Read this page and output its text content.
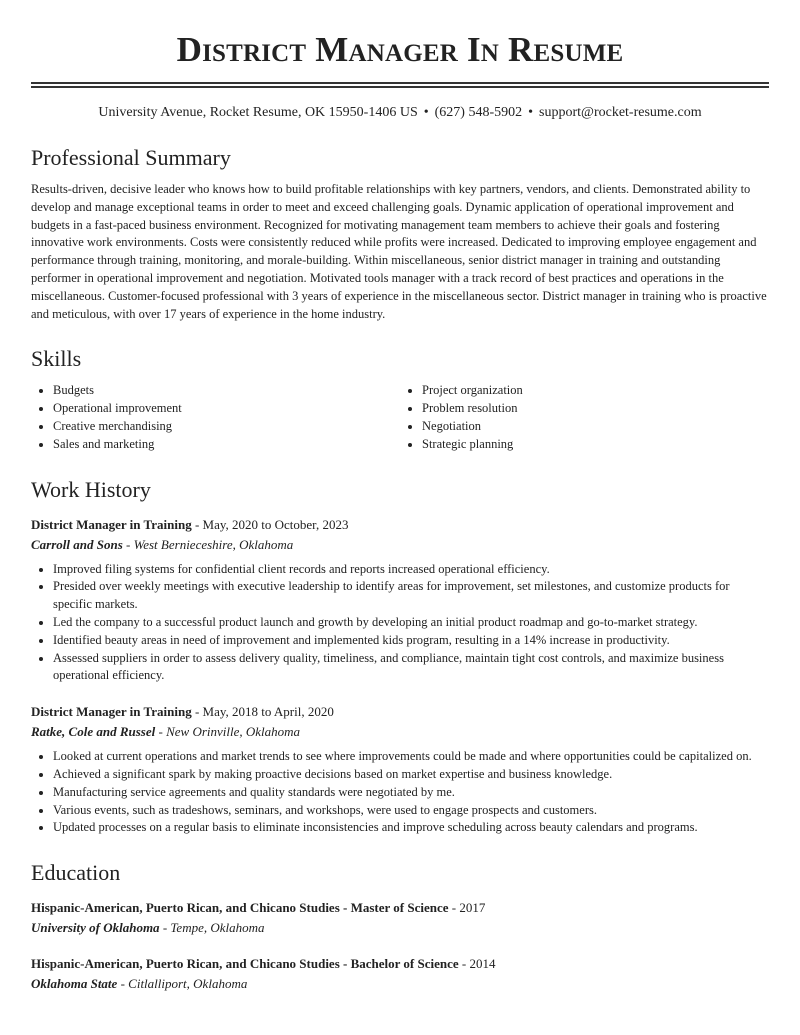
District Manager In Resume
University Avenue, Rocket Resume, OK 15950-1406 US • (627) 548-5902 • support@rocket-resume.com
Professional Summary

Results-driven, decisive leader who knows how to build profitable relationships with key partners, vendors, and clients. Demonstrated ability to develop and manage exceptional teams in order to meet and exceed challenging goals. Dynamic application of operational improvement and budgets in a fast-paced business environment. Recognized for motivating management team members to achieve their goals and fostering innovative work environments. Costs were consistently reduced while profits were increased. Dedicated to improving employee engagement and performance through training, monitoring, and morale-building. Within miscellaneous, senior district manager in training and outstanding performer in operational improvement and negotiation. Motivated tools manager with a track record of best practices and operations in the miscellaneous. Customer-focused professional with 3 years of experience in the miscellaneous sector. District manager in training who is proactive and meticulous, with over 17 years of experience in the home industry.

Skills
• Budgets
• Operational improvement
• Creative merchandising
• Sales and marketing
• Project organization
• Problem resolution
• Negotiation
• Strategic planning
Work History
District Manager in Training - May, 2020 to October, 2023
Carroll and Sons - West Bernieceshire, Oklahoma
• Improved filing systems for confidential client records and reports increased operational efficiency.
• Presided over weekly meetings with executive leadership to identify areas for improvement, set milestones, and customize products for specific markets.
• Led the company to a successful product launch and growth by developing an initial product roadmap and go-to-market strategy.
• Identified beauty areas in need of improvement and implemented kids program, resulting in a 14% increase in productivity.
• Assessed suppliers in order to assess delivery quality, timeliness, and compliance, maintain tight cost controls, and maximize business operational efficiency.
District Manager in Training - May, 2018 to April, 2020
Ratke, Cole and Russel - New Orinville, Oklahoma
• Looked at current operations and market trends to see where improvements could be made and where opportunities could be capitalized on.
• Achieved a significant spark by making proactive decisions based on market expertise and business knowledge.
• Manufacturing service agreements and quality standards were negotiated by me.
• Various events, such as tradeshows, seminars, and workshops, were used to engage prospects and customers.
• Updated processes on a regular basis to eliminate inconsistencies and improve scheduling across beauty calendars and programs.
Education
Hispanic-American, Puerto Rican, and Chicano Studies - Master of Science - 2017
University of Oklahoma - Tempe, Oklahoma
Hispanic-American, Puerto Rican, and Chicano Studies - Bachelor of Science - 2014
Oklahoma State - Citlalliport, Oklahoma
